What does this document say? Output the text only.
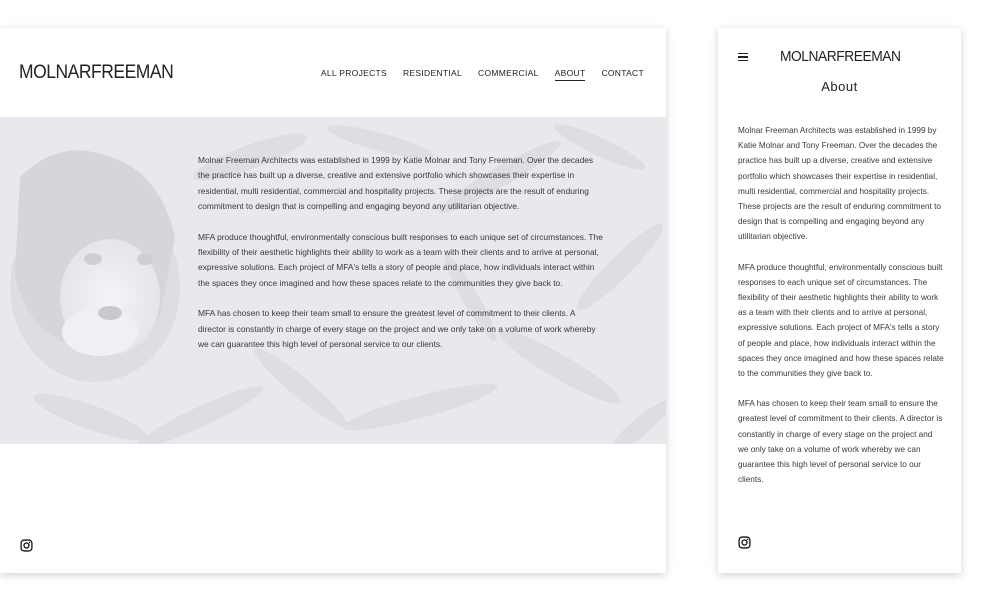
MOLNARFREEMAN	ALL PROJECTS RESIDENTIAL COMMERCIAL ABOUT CONTACT

Molnar Freeman Architects was established in 1999 by Katie Molnar and Tony Freeman. Over the decades the practice has built up a diverse, creative and extensive portfolio which showcases their expertise in residential, multi residential, commercial and hospitality projects. These projects are the result of enduring commitment to design that is compelling and engaging beyond any utilitarian objective.

MFA produce thoughtful, environmentally conscious built responses to each unique set of circumstances. The flexibility of their aesthetic highlights their ability to work as a team with their clients and to arrive at personal, expressive solutions. Each project of MFA's tells a story of people and place, how individuals interact within the spaces they once imagined and how these spaces relate to the communities they give back to.

MFA has chosen to keep their team small to ensure the greatest level of commitment to their clients. A director is constantly in charge of every stage on the project and we only take on a volume of work whereby we can guarantee this high level of personal service to our clients.

MOLNARFREEMAN
About

Molnar Freeman Architects was established in 1999 by Katie Molnar and Tony Freeman. Over the decades the practice has built up a diverse, creative and extensive portfolio which showcases their expertise in residential, multi residential, commercial and hospitality projects. These projects are the result of enduring commitment to design that is compelling and engaging beyond any utilitarian objective.

MFA produce thoughtful, environmentally conscious built responses to each unique set of circumstances. The flexibility of their aesthetic highlights their ability to work as a team with their clients and to arrive at personal, expressive solutions. Each project of MFA's tells a story of people and place, how individuals interact within the spaces they once imagined and how these spaces relate to the communities they give back to.

MFA has chosen to keep their team small to ensure the greatest level of commitment to their clients. A director is constantly in charge of every stage on the project and we only take on a volume of work whereby we can guarantee this high level of personal service to our clients.
